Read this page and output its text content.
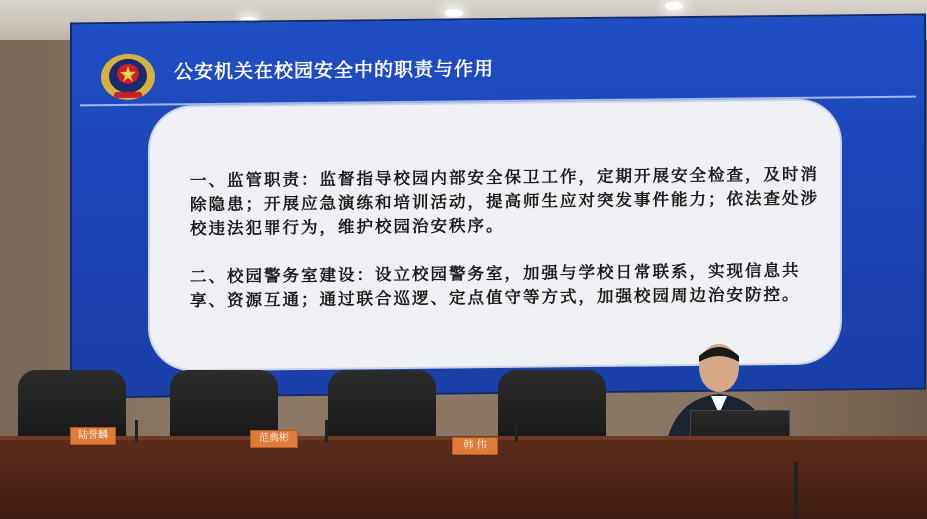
公安机关在校园安全中的职责与作用
一、监管职责：监督指导校园内部安全保卫工作，定期开展安全检查，及时消除隐患；开展应急演练和培训活动，提高师生应对突发事件能力；依法查处涉校违法犯罪行为，维护校园治安秩序。
二、校园警务室建设：设立校园警务室，加强与学校日常联系，实现信息共享、资源互通；通过联合巡逻、定点值守等方式，加强校园周边治安防控。
陆誉麟	范典彬
韩 伟
